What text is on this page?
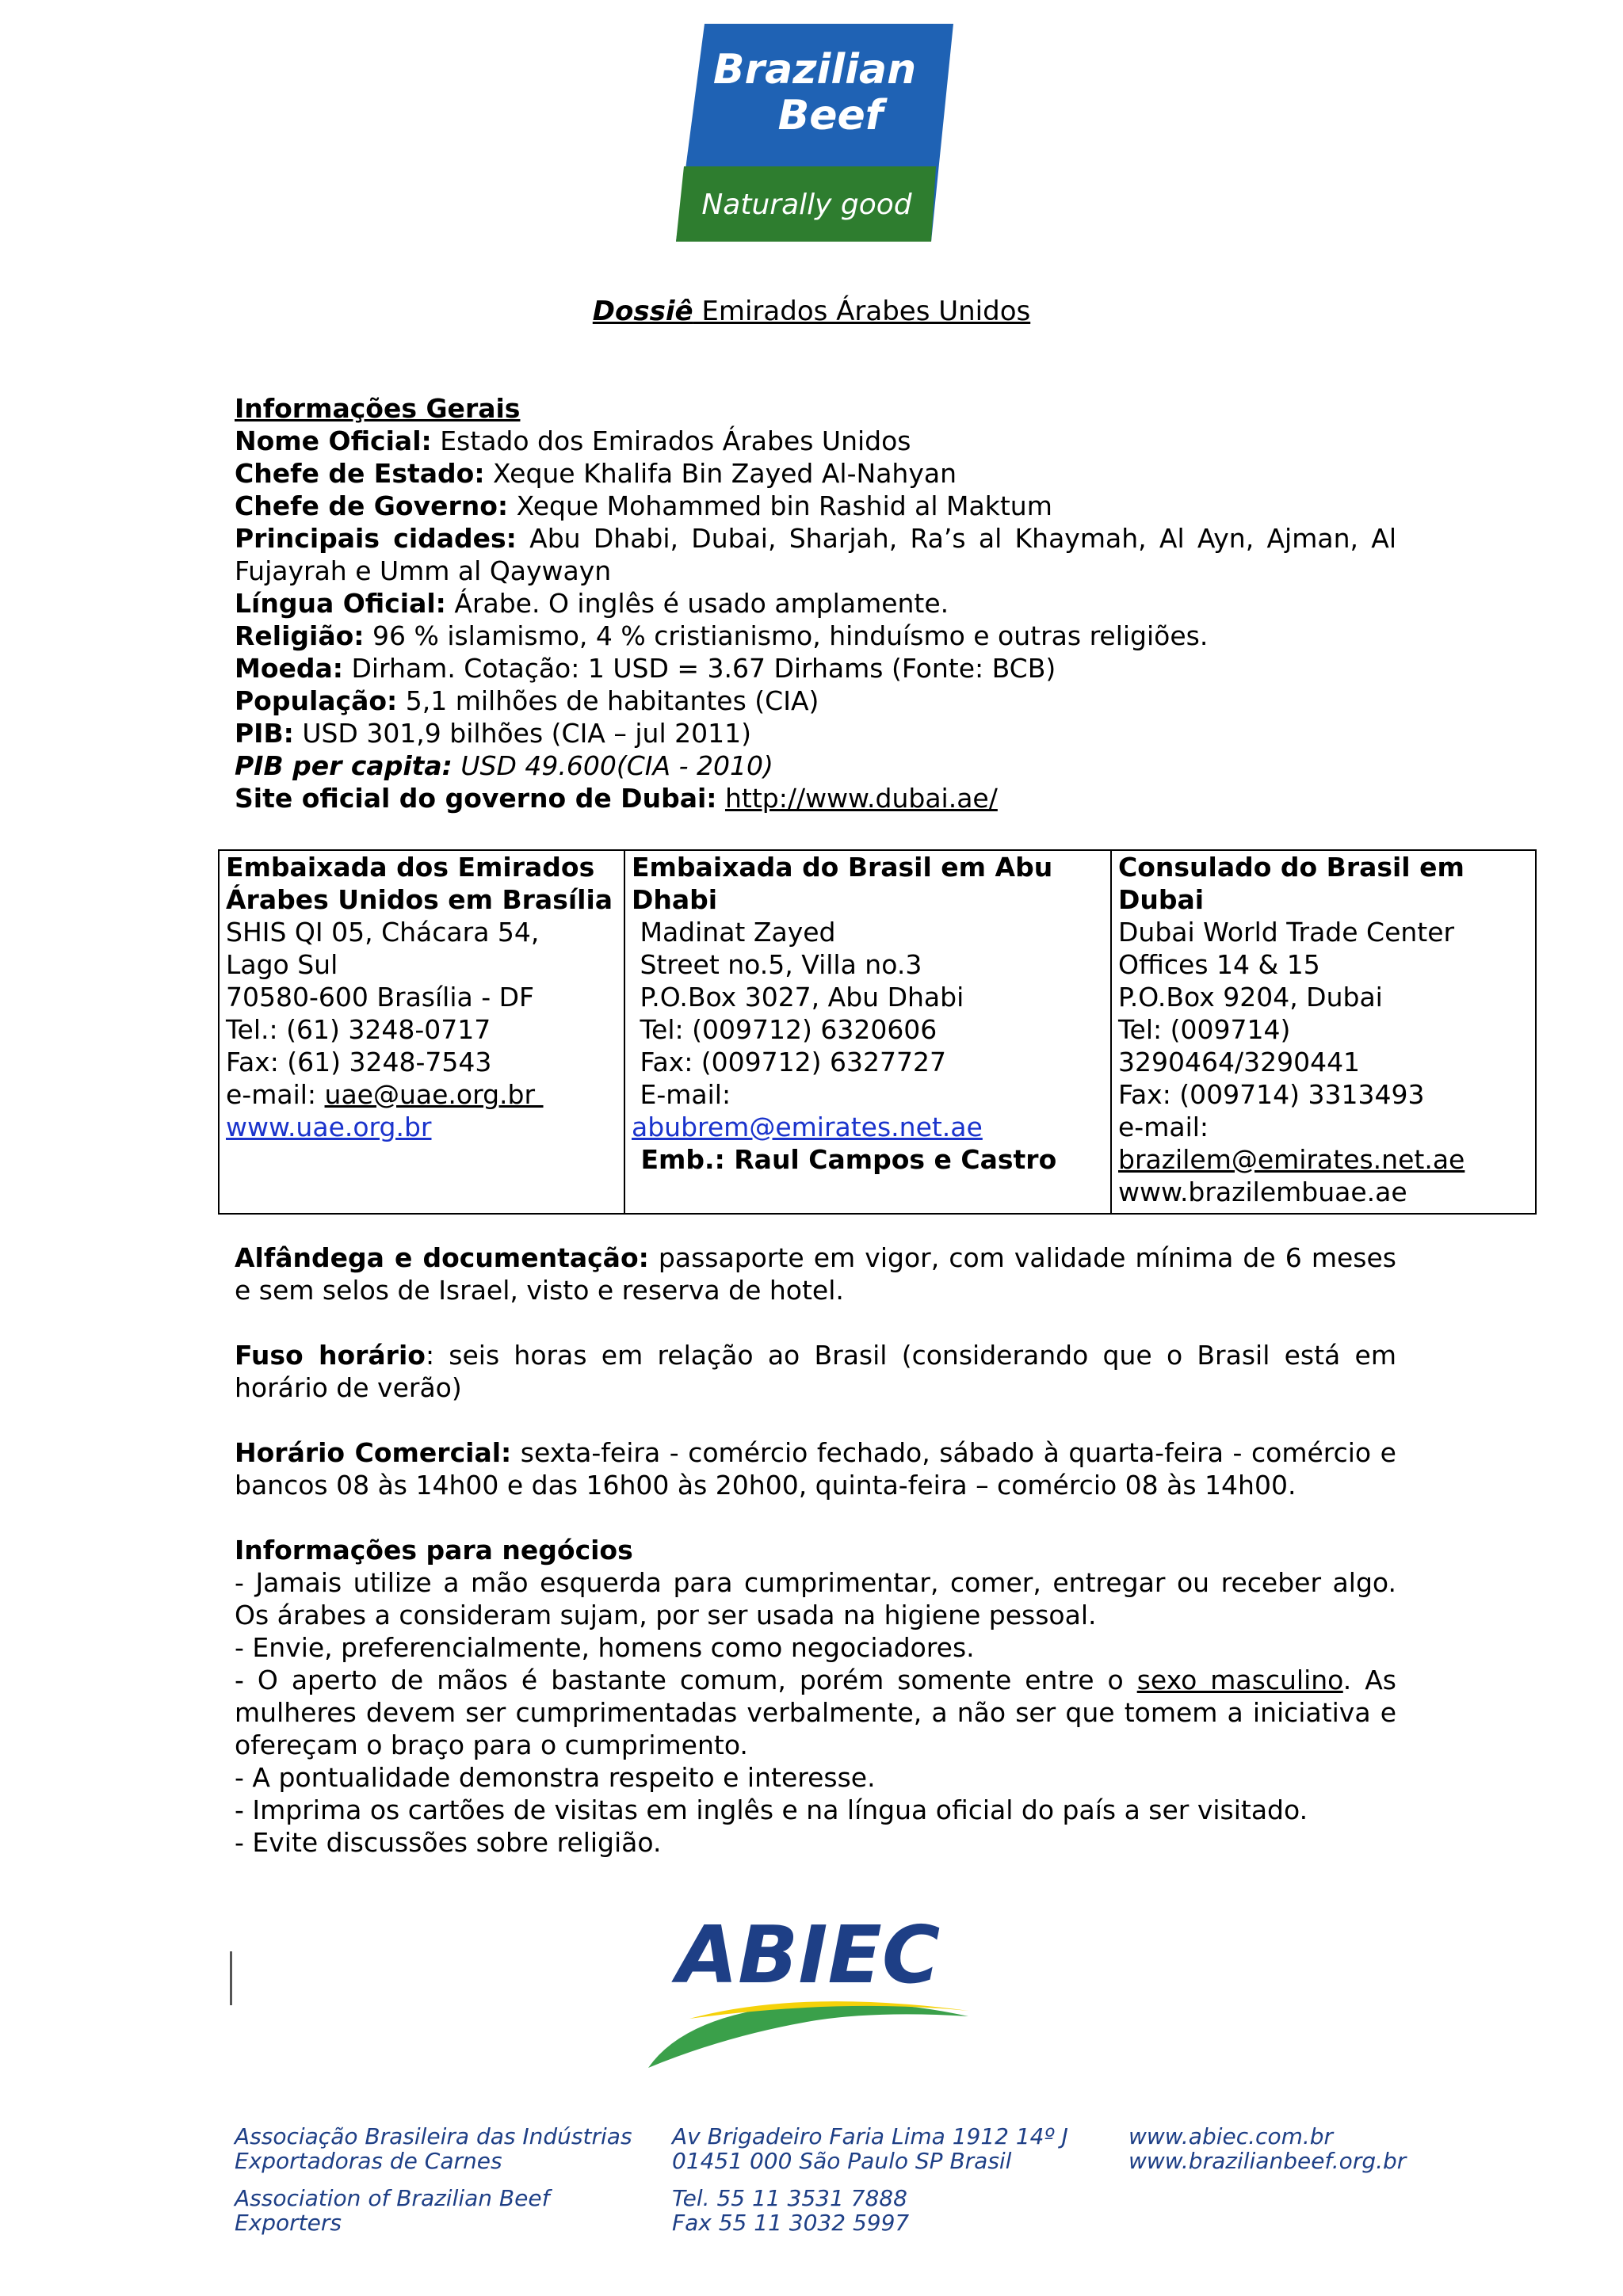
Brazilian
Beef
Naturally good
Dossiê Emirados Árabes Unidos

Informações Gerais

Nome Oficial: Estado dos Emirados Árabes Unidos

Chefe de Estado: Xeque Khalifa Bin Zayed Al-Nahyan

Chefe de Governo: Xeque Mohammed bin Rashid al Maktum

Principais cidades: Abu Dhabi, Dubai, Sharjah, Ra’s al Khaymah, Al Ayn, Ajman, Al Fujayrah e Umm al Qaywayn

Língua Oficial: Árabe. O inglês é usado amplamente.

Religião: 96 % islamismo, 4 % cristianismo, hinduísmo e outras religiões.

Moeda: Dirham. Cotação: 1 USD = 3.67 Dirhams (Fonte: BCB)

População: 5,1 milhões de habitantes (CIA)

PIB: USD 301,9 bilhões (CIA – jul 2011)

PIB per capita: USD 49.600(CIA - 2010)

Site oficial do governo de Dubai: http://www.dubai.ae/

Embaixada dos Emirados Árabes Unidos em Brasília
SHIS QI 05, Chácara 54,
Lago Sul
70580-600 Brasília - DF
Tel.: (61) 3248-0717
Fax: (61) 3248-7543
e-mail: uae@uae.org.br
www.uae.org.br

Embaixada do Brasil em Abu Dhabi
Madinat Zayed
Street no.5, Villa no.3
P.O.Box 3027, Abu Dhabi
Tel: (009712) 6320606
Fax: (009712) 6327727
E-mail:
abubrem@emirates.net.ae
Emb.: Raul Campos e Castro

Consulado do Brasil em Dubai
Dubai World Trade Center
Offices 14 & 15
P.O.Box 9204, Dubai
Tel: (009714)
3290464/3290441
Fax: (009714) 3313493
e-mail:
brazilem@emirates.net.ae
www.brazilembuae.ae

Alfândega e documentação: passaporte em vigor, com validade mínima de 6 meses e sem selos de Israel, visto e reserva de hotel.

Fuso horário: seis horas em relação ao Brasil (considerando que o Brasil está em horário de verão)

Horário Comercial: sexta-feira - comércio fechado, sábado à quarta-feira - comércio e bancos 08 às 14h00 e das 16h00 às 20h00, quinta-feira – comércio 08 às 14h00.

Informações para negócios

- Jamais utilize a mão esquerda para cumprimentar, comer, entregar ou receber algo. Os árabes a consideram sujam, por ser usada na higiene pessoal.

- Envie, preferencialmente, homens como negociadores.

- O aperto de mãos é bastante comum, porém somente entre o sexo masculino. As mulheres devem ser cumprimentadas verbalmente, a não ser que tomem a iniciativa e ofereçam o braço para o cumprimento.

- A pontualidade demonstra respeito e interesse.

- Imprima os cartões de visitas em inglês e na língua oficial do país a ser visitado.

- Evite discussões sobre religião.

ABIEC
Associação Brasileira das Indústrias
Exportadoras de Carnes
Association of Brazilian Beef Exporters
Av Brigadeiro Faria Lima 1912 14º J
01451 000 São Paulo SP Brasil
Tel. 55 11 3531 7888
Fax 55 11 3032 5997
www.abiec.com.br
www.brazilianbeef.org.br
